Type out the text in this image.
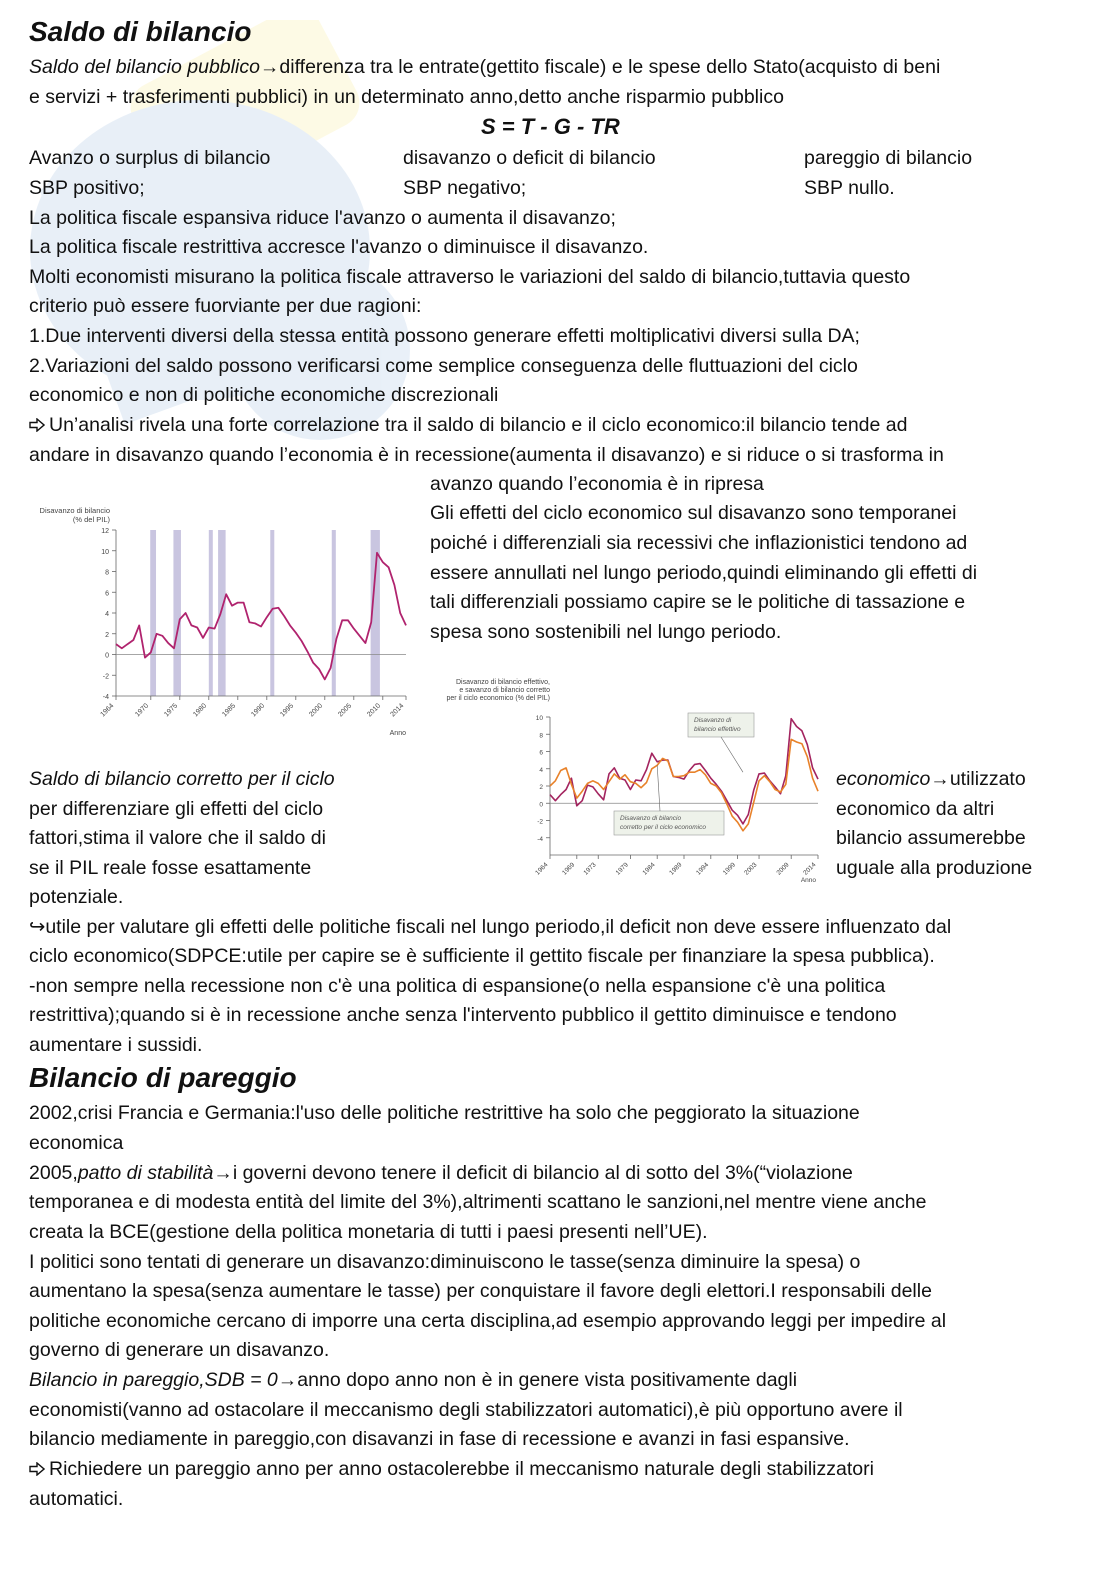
Saldo di bilancio
Saldo del bilancio pubblico→differenza tra le entrate(gettito fiscale) e le spese dello Stato(acquisto di beni
e servizi + trasferimenti pubblici) in un determinato anno,detto anche risparmio pubblico
S = T - G - TR
Avanzo o surplus di bilancio	disavanzo o deficit di bilancio	pareggio di bilancio
SBP positivo;	SBP negativo;	SBP nullo.
La politica fiscale espansiva riduce l'avanzo o aumenta il disavanzo;
La politica fiscale restrittiva accresce l'avanzo o diminuisce il disavanzo.
Molti economisti misurano la politica fiscale attraverso le variazioni del saldo di bilancio,tuttavia questo
criterio può essere fuorviante per due ragioni:
1.Due interventi diversi della stessa entità possono generare effetti moltiplicativi diversi sulla DA;
2.Variazioni del saldo possono verificarsi come semplice conseguenza delle fluttuazioni del ciclo
economico e non di politiche economiche discrezionali
Un’analisi rivela una forte correlazione tra il saldo di bilancio e il ciclo economico:il bilancio tende ad
andare in disavanzo quando l’economia è in recessione(aumenta il disavanzo) e si riduce o si trasforma in
avanzo quando l’economia è in ripresa
Gli effetti del ciclo economico sul disavanzo sono temporanei
poiché i differenziali sia recessivi che inflazionistici tendono ad
essere annullati nel lungo periodo,quindi eliminando gli effetti di
tali differenziali possiamo capire se le politiche di tassazione e
spesa sono sostenibili nel lungo periodo.
12
10
8
6
4
2
0
-2
-4
1964	1970 1975 1980 1985 1990 1995 2000 2005 2010 2014
Disavanzo di bilancio
(% del PIL)
Anno
10
8
6
4
2
0
-2
-4
1964 1969 1973	1979 1984 1989 1994 1999 2003	2009 2014
Disavanzo di bilancio effettivo,
e savanzo di bilancio corretto
per il ciclo economico (% del PIL)
Disavanzo di
bilancio effettivo
Disavanzo di bilancio
corretto per il ciclo economico
Anno
Saldo di bilancio corretto per il ciclo	economico→utilizzato
per differenziare gli effetti del ciclo	economico da altri
fattori,stima il valore che il saldo di	bilancio assumerebbe
se il PIL reale fosse esattamente	uguale alla produzione
potenziale.
↪utile per valutare gli effetti delle politiche fiscali nel lungo periodo,il deficit non deve essere influenzato dal
ciclo economico(SDPCE:utile per capire se è sufficiente il gettito fiscale per finanziare la spesa pubblica).
-non sempre nella recessione non c'è una politica di espansione(o nella espansione c'è una politica
restrittiva);quando si è in recessione anche senza l'intervento pubblico il gettito diminuisce e tendono
aumentare i sussidi.
Bilancio di pareggio
2002,crisi Francia e Germania:l'uso delle politiche restrittive ha solo che peggiorato la situazione
economica
2005,patto di stabilità→i governi devono tenere il deficit di bilancio al di sotto del 3%(“violazione
temporanea e di modesta entità del limite del 3%),altrimenti scattano le sanzioni,nel mentre viene anche
creata la BCE(gestione della politica monetaria di tutti i paesi presenti nell’UE).
I politici sono tentati di generare un disavanzo:diminuiscono le tasse(senza diminuire la spesa) o
aumentano la spesa(senza aumentare le tasse) per conquistare il favore degli elettori.I responsabili delle
politiche economiche cercano di imporre una certa disciplina,ad esempio approvando leggi per impedire al
governo di generare un disavanzo.
Bilancio in pareggio,SDB = 0→anno dopo anno non è in genere vista positivamente dagli
economisti(vanno ad ostacolare il meccanismo degli stabilizzatori automatici),è più opportuno avere il
bilancio mediamente in pareggio,con disavanzi in fase di recessione e avanzi in fasi espansive.
Richiedere un pareggio anno per anno ostacolerebbe il meccanismo naturale degli stabilizzatori
automatici.
